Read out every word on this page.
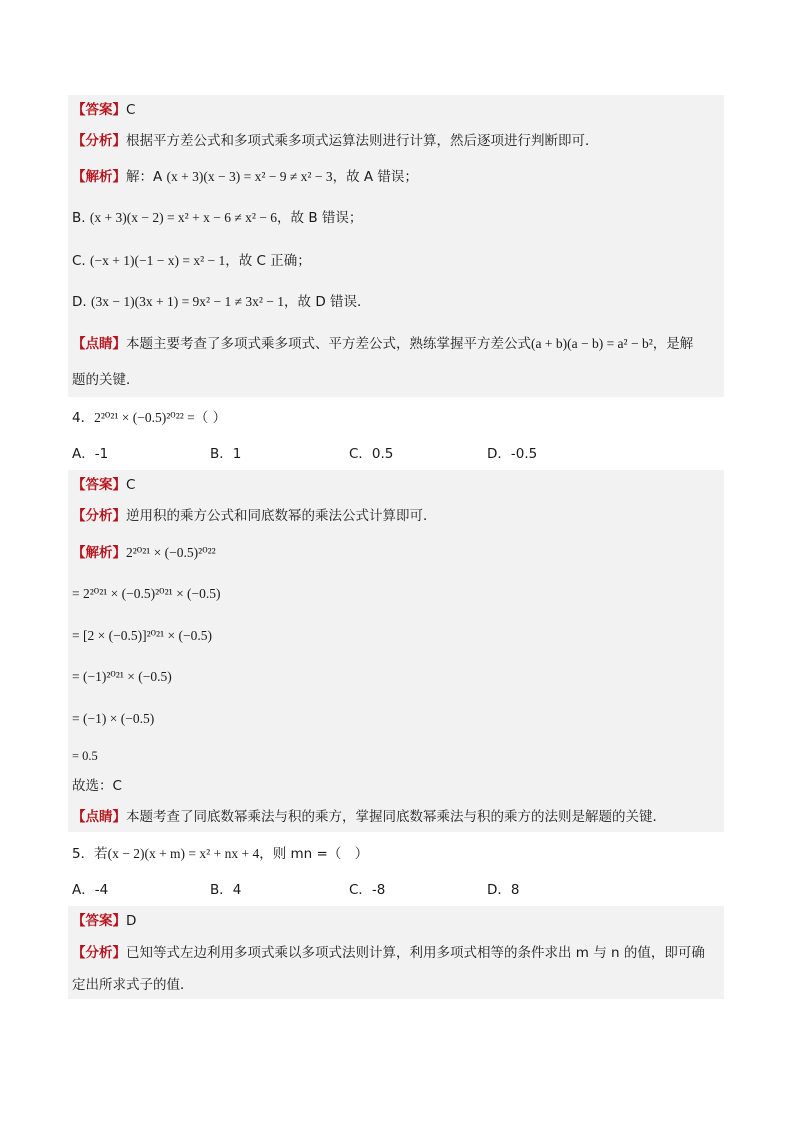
【答案】C
【分析】根据平方差公式和多项式乘多项式运算法则进行计算，然后逐项进行判断即可．
【解析】解：A (x + 3)(x − 3) = x² − 9 ≠ x² − 3，故 A 错误；
B. (x + 3)(x − 2) = x² + x − 6 ≠ x² − 6，故 B 错误；
C. (−x + 1)(−1 − x) = x² − 1，故 C 正确；
D. (3x − 1)(3x + 1) = 9x² − 1 ≠ 3x² − 1，故 D 错误．
【点睛】本题主要考查了多项式乘多项式、平方差公式，熟练掌握平方差公式(a + b)(a − b) = a² − b²，是解
题的关键．
4．2²⁰²¹ × (−0.5)²⁰²² =（ ）
A．-1	B．1	C．0.5	D．-0.5
【答案】C
【分析】逆用积的乘方公式和同底数幂的乘法公式计算即可．
【解析】2²⁰²¹ × (−0.5)²⁰²²
= 2²⁰²¹ × (−0.5)²⁰²¹ × (−0.5)
= [2 × (−0.5)]²⁰²¹ × (−0.5)
= (−1)²⁰²¹ × (−0.5)
= (−1) × (−0.5)
= 0.5
故选：C
【点睛】本题考查了同底数幂乘法与积的乘方，掌握同底数幂乘法与积的乘方的法则是解题的关键．
5．若(x − 2)(x + m) = x² + nx + 4，则 mn =（　）
A．-4	B．4	C．-8	D．8
【答案】D
【分析】已知等式左边利用多项式乘以多项式法则计算，利用多项式相等的条件求出 m 与 n 的值，即可确
定出所求式子的值．
